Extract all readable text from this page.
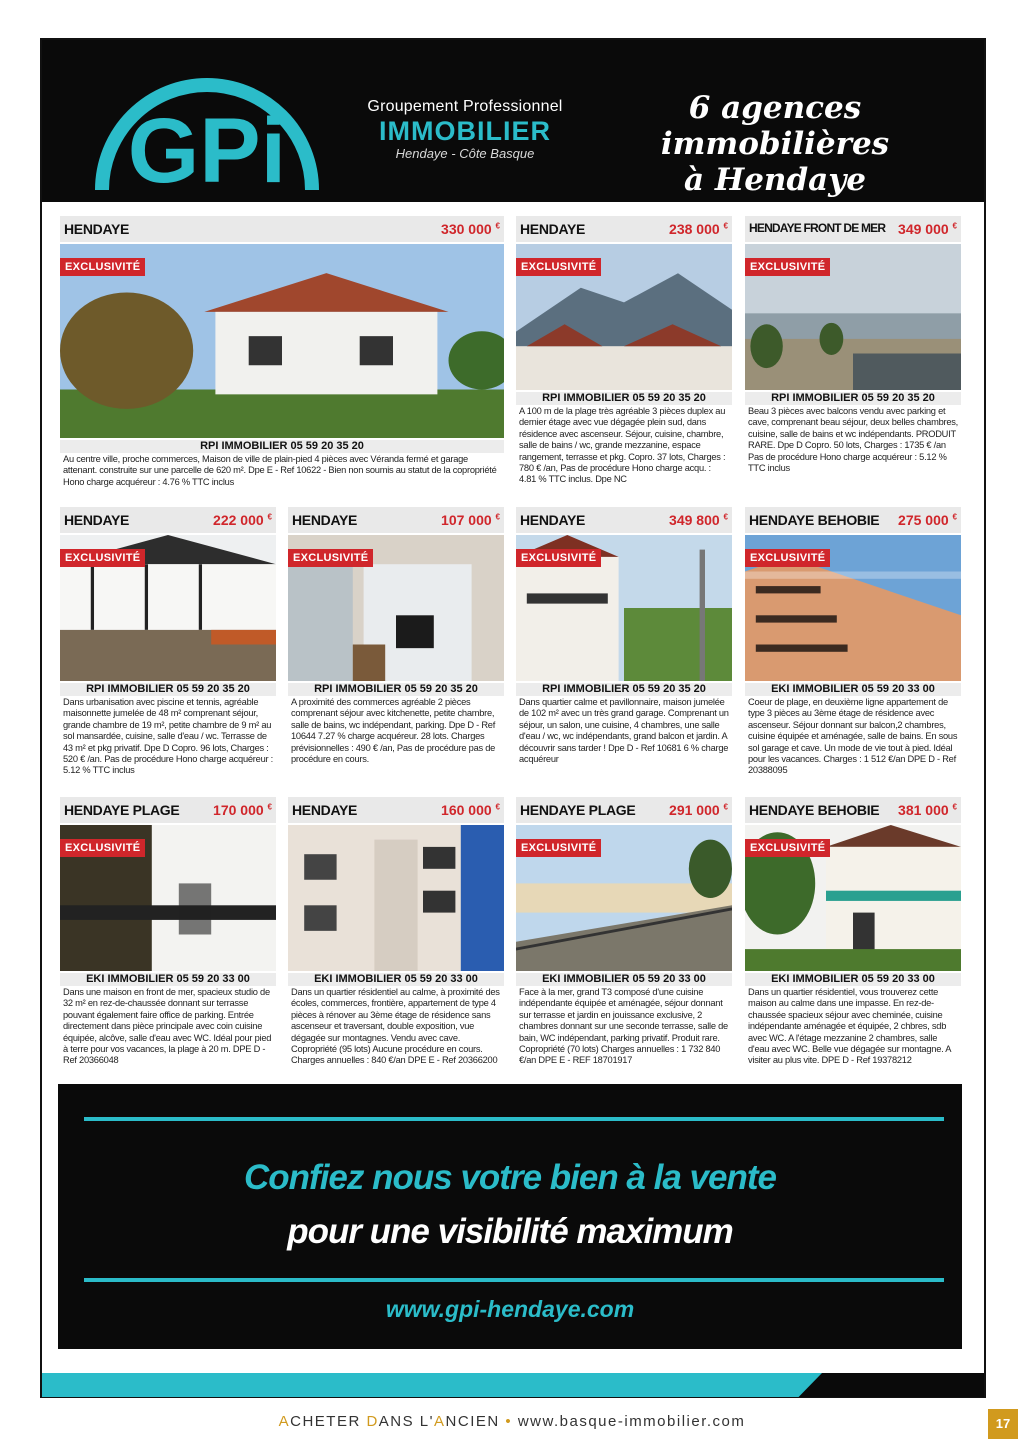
GPi	Groupement Professionnel
IMMOBILIER
Hendaye - Côte Basque
6 agences immobilières
à Hendaye
HENDAYE	330 000 €
EXCLUSIVITÉ
RPI IMMOBILIER 05 59 20 35 20
Au centre ville, proche commerces, Maison de ville de plain-pied 4 pièces avec Véranda fermé et garage attenant. construite sur une parcelle de 620 m². Dpe E - Ref 10622 - Bien non soumis au statut de la copropriété Hono charge acquéreur : 4.76 % TTC inclus
HENDAYE	238 000 €
EXCLUSIVITÉ
RPI IMMOBILIER 05 59 20 35 20
A 100 m de la plage très agréable 3 pièces duplex au dernier étage avec vue dégagée plein sud, dans résidence avec ascenseur. Séjour, cuisine, chambre, salle de bains / wc, grande mezzanine, espace rangement, terrasse et pkg. Copro. 37 lots, Charges : 780 € /an, Pas de procédure Hono charge acqu. : 4.81 % TTC inclus. Dpe NC
HENDAYE FRONT DE MER 349 000 €
EXCLUSIVITÉ
RPI IMMOBILIER 05 59 20 35 20
Beau 3 pièces avec balcons vendu avec parking et cave, comprenant beau séjour, deux belles chambres, cuisine, salle de bains et wc indépendants. PRODUIT RARE. Dpe D Copro. 50 lots, Charges : 1735 € /an Pas de procédure Hono charge acquéreur : 5.12 % TTC inclus
HENDAYE	222 000 €
EXCLUSIVITÉ
RPI IMMOBILIER 05 59 20 35 20
Dans urbanisation avec piscine et tennis, agréable maisonnette jumelée de 48 m² comprenant séjour, grande chambre de 19 m², petite chambre de 9 m² au sol mansardée, cuisine, salle d'eau / wc. Terrasse de 43 m² et pkg privatif. Dpe D Copro. 96 lots, Charges : 520 € /an. Pas de procédure Hono charge acquéreur : 5.12 % TTC inclus
HENDAYE	107 000 €
EXCLUSIVITÉ
RPI IMMOBILIER 05 59 20 35 20
A proximité des commerces agréable 2 pièces comprenant séjour avec kitchenette, petite chambre, salle de bains, wc indépendant, parking. Dpe D - Ref 10644 7.27 % charge acquéreur. 28 lots. Charges prévisionnelles : 490 € /an, Pas de procédure pas de procédure en cours.
HENDAYE	349 800 €
EXCLUSIVITÉ
RPI IMMOBILIER 05 59 20 35 20
Dans quartier calme et pavillonnaire, maison jumelée de 102 m² avec un très grand garage. Comprenant un séjour, un salon, une cuisine, 4 chambres, une salle d'eau / wc, wc indépendants, grand balcon et jardin. A découvrir sans tarder ! Dpe D - Ref 10681 6 % charge acquéreur
HENDAYE BEHOBIE 275 000 €
EXCLUSIVITÉ
EKI IMMOBILIER 05 59 20 33 00
Coeur de plage, en deuxième ligne appartement de type 3 pièces au 3ème étage de résidence avec ascenseur. Séjour donnant sur balcon,2 chambres, cuisine équipée et aménagée, salle de bains. En sous sol garage et cave. Un mode de vie tout à pied. Idéal pour les vacances. Charges : 1 512 €/an DPE D - Ref 20388095
HENDAYE PLAGE 170 000 €
EXCLUSIVITÉ
EKI IMMOBILIER 05 59 20 33 00
Dans une maison en front de mer, spacieux studio de 32 m² en rez-de-chaussée donnant sur terrasse pouvant également faire office de parking. Entrée directement dans pièce principale avec coin cuisine équipée, alcôve, salle d'eau avec WC. Idéal pour pied à terre pour vos vacances, la plage à 20 m. DPE D - Ref 20366048
HENDAYE	160 000 €
EKI IMMOBILIER 05 59 20 33 00
Dans un quartier résidentiel au calme, à proximité des écoles, commerces, frontière, appartement de type 4 pièces à rénover au 3ème étage de résidence sans ascenseur et traversant, double exposition, vue dégagée sur montagnes. Vendu avec cave. Copropriété (95 lots) Aucune procédure en cours. Charges annuelles : 840 €/an DPE E - Ref 20366200
HENDAYE PLAGE 291 000 €
EXCLUSIVITÉ
EKI IMMOBILIER 05 59 20 33 00
Face à la mer, grand T3 composé d'une cuisine indépendante équipée et aménagée, séjour donnant sur terrasse et jardin en jouissance exclusive, 2 chambres donnant sur une seconde terrasse, salle de bain, WC indépendant, parking privatif. Produit rare. Copropriété (70 lots) Charges annuelles : 1 732 840 €/an DPE E - REF 18701917
HENDAYE BEHOBIE 381 000 €
EXCLUSIVITÉ
EKI IMMOBILIER 05 59 20 33 00
Dans un quartier résidentiel, vous trouverez cette maison au calme dans une impasse. En rez-de-chaussée spacieux séjour avec cheminée, cuisine indépendante aménagée et équipée, 2 chbres, sdb avec WC. A l'étage mezzanine 2 chambres, salle d'eau avec WC. Belle vue dégagée sur montagne. A visiter au plus vite. DPE D - Ref 19378212
Confiez nous votre bien à la vente
pour une visibilité maximum
www.gpi-hendaye.com
ACHETER DANS L'ANCIEN • www.basque-immobilier.com	17
